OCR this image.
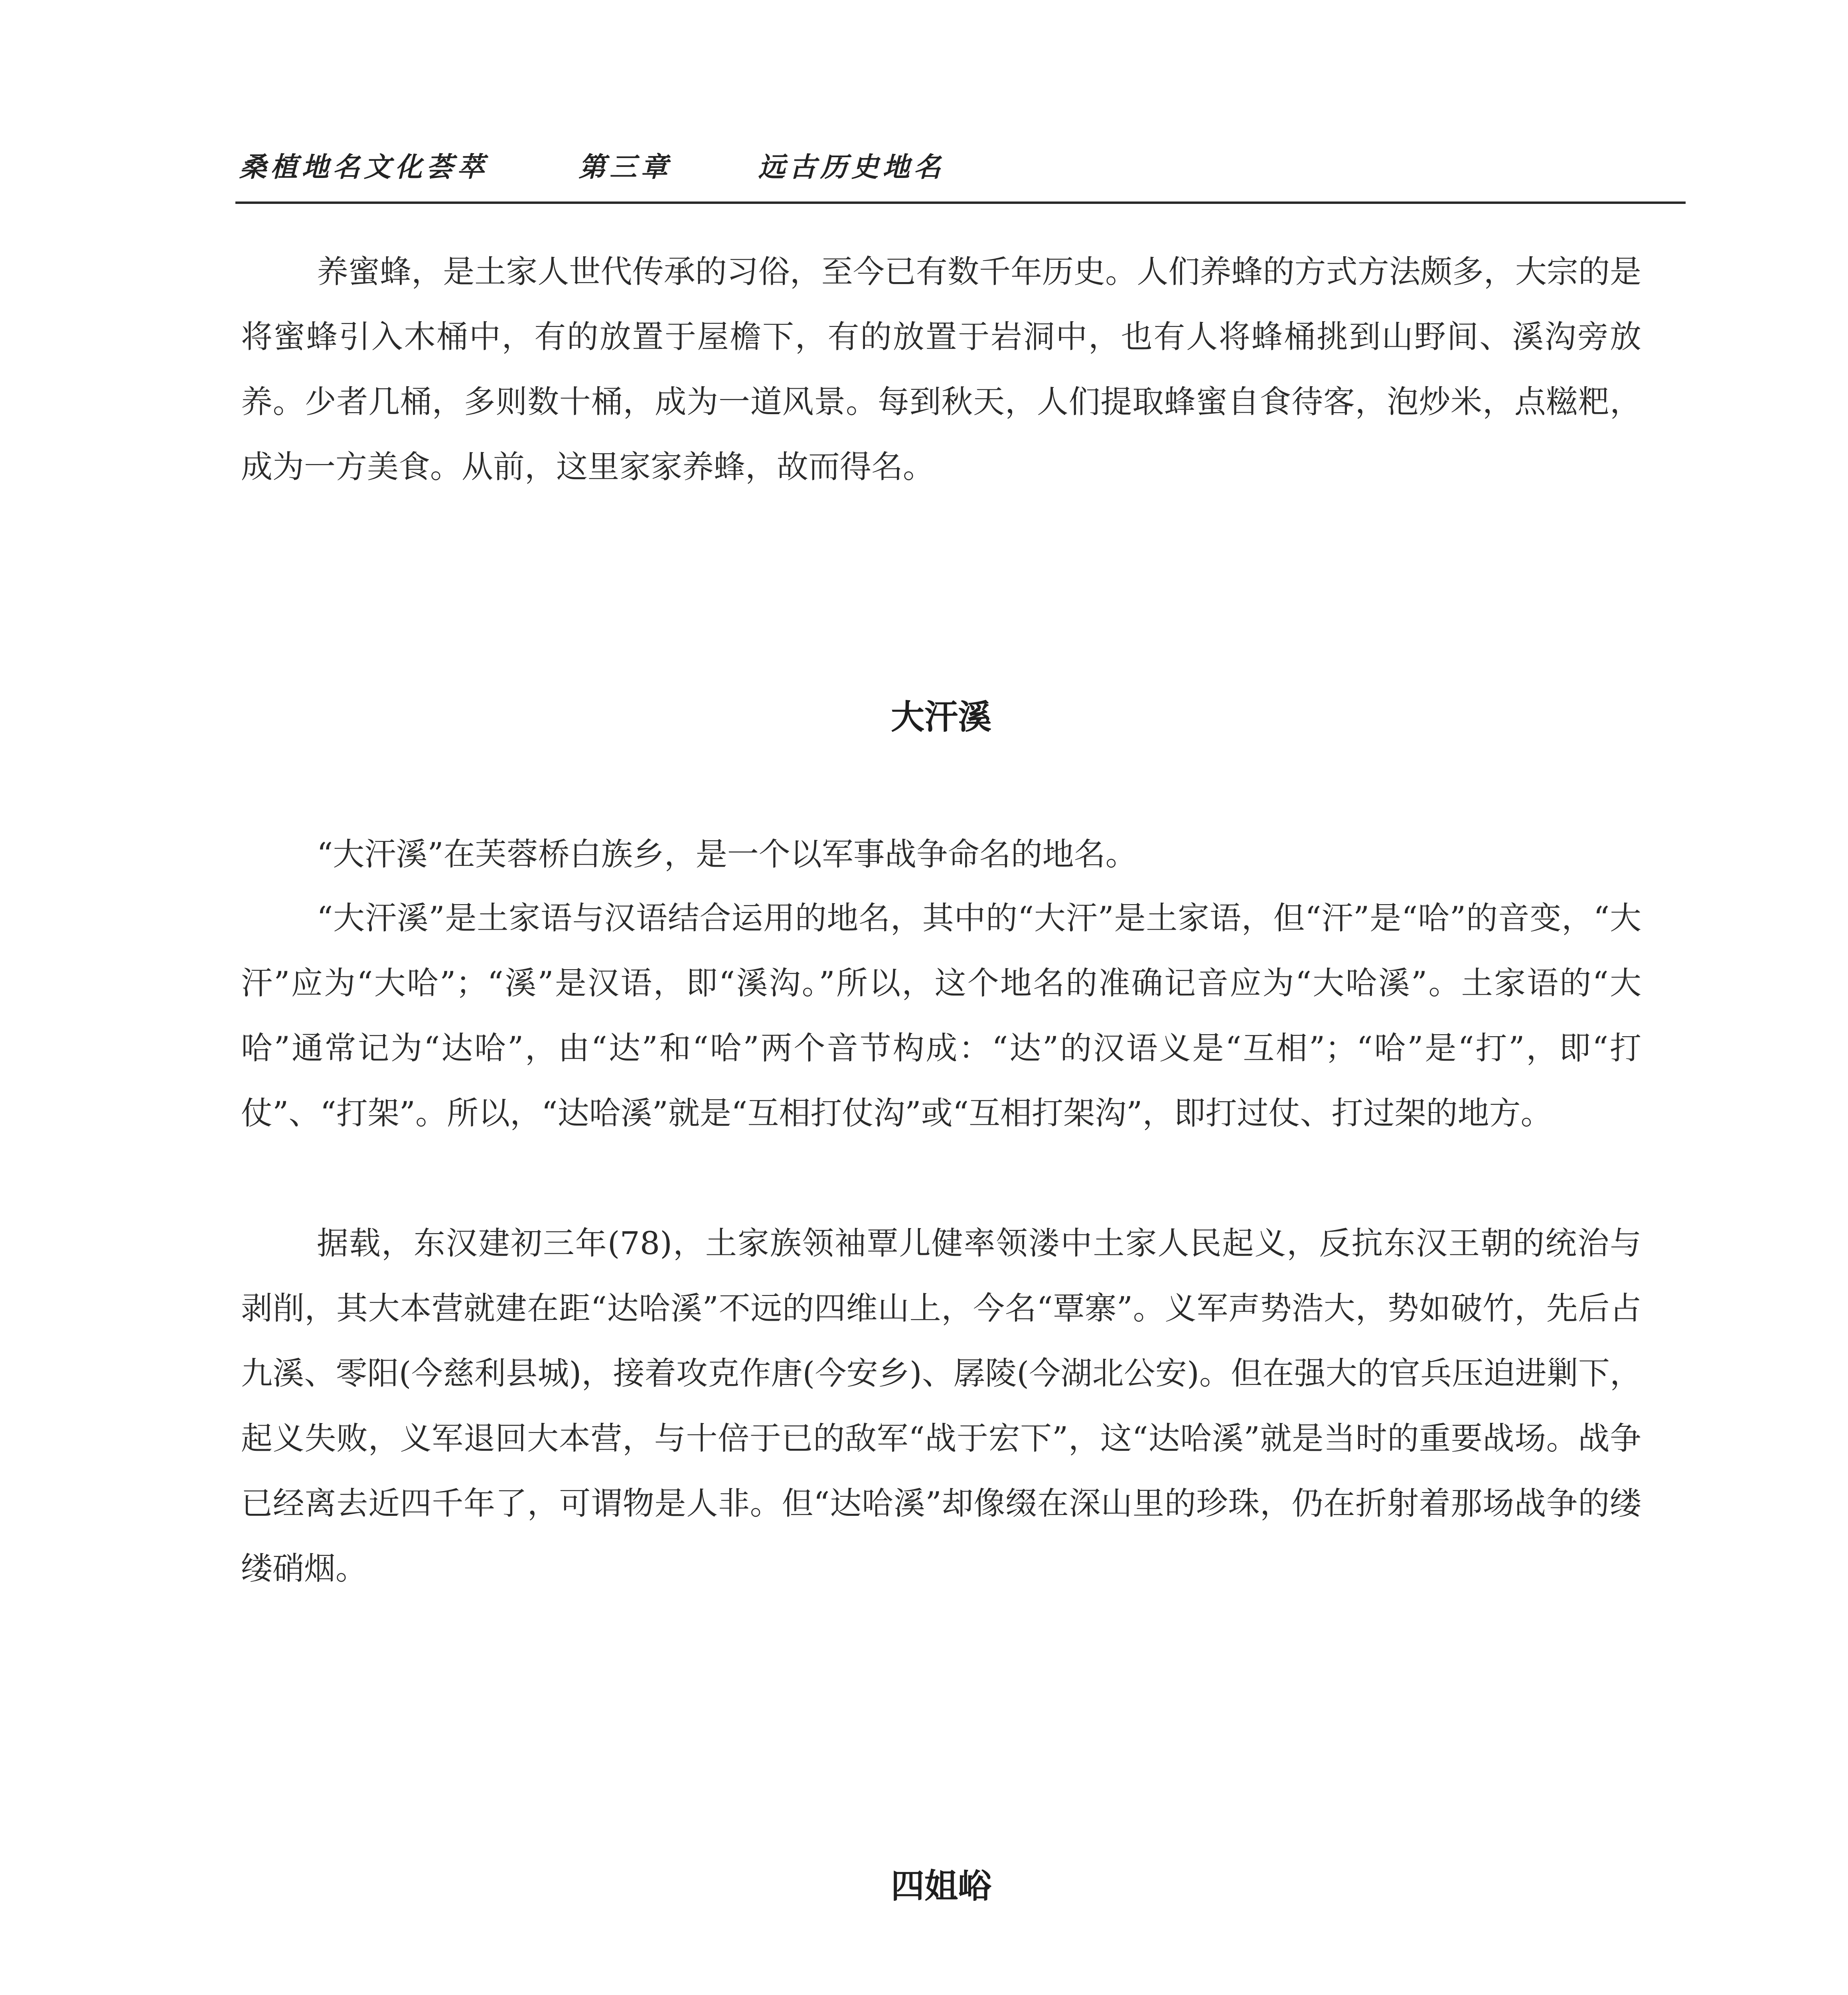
桑植地名文化荟萃	第三章	远古历史地名

养蜜蜂，是土家人世代传承的习俗，至今已有数千年历史。人们养蜂的方式方法颇多，大宗的是将蜜蜂引入木桶中，有的放置于屋檐下，有的放置于岩洞中，也有人将蜂桶挑到山野间、溪沟旁放养。少者几桶，多则数十桶，成为一道风景。每到秋天，人们提取蜂蜜自食待客，泡炒米，点糍粑，成为一方美食。从前，这里家家养蜂，故而得名。

大汗溪

“大汗溪”在芙蓉桥白族乡，是一个以军事战争命名的地名。

“大汗溪”是土家语与汉语结合运用的地名，其中的“大汗”是土家语，但“汗”是“哈”的音变，“大汗”应为“大哈”；“溪”是汉语，即“溪沟。”所以，这个地名的准确记音应为“大哈溪”。土家语的“大哈”通常记为“达哈”，由“达”和“哈”两个音节构成：“达”的汉语义是“互相”；“哈”是“打”，即“打仗”、“打架”。所以，“达哈溪”就是“互相打仗沟”或“互相打架沟”，即打过仗、打过架的地方。

据载，东汉建初三年(78)，土家族领袖覃儿健率领溇中土家人民起义，反抗东汉王朝的统治与剥削，其大本营就建在距“达哈溪”不远的四维山上，今名“覃寨”。义军声势浩大，势如破竹，先后占九溪、零阳(今慈利县城)，接着攻克作唐(今安乡)、孱陵(今湖北公安)。但在强大的官兵压迫进剿下，起义失败，义军退回大本营，与十倍于已的敌军“战于宏下”，这“达哈溪”就是当时的重要战场。战争已经离去近四千年了，可谓物是人非。但“达哈溪”却像缀在深山里的珍珠，仍在折射着那场战争的缕缕硝烟。

四姐峪
